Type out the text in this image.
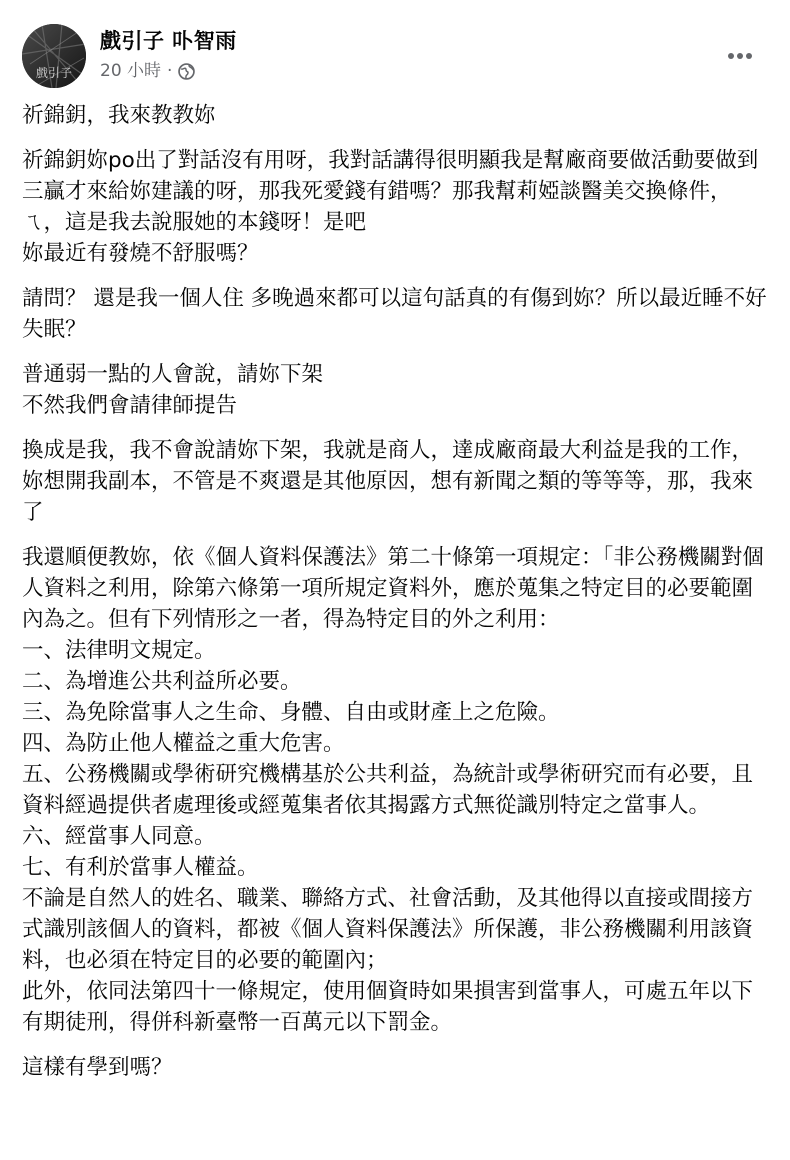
戲引子
戲引子 卟智雨
20 小時 ·
祈錦鈅，我來教教妳
祈錦鈅妳po出了對話沒有用呀，我對話講得很明顯我是幫廠商要做活動要做到三贏才來給妳建議的呀，那我死愛錢有錯嗎？那我幫莉婭談醫美交換條件，ㄟ，這是我去說服她的本錢呀！是吧
妳最近有發燒不舒服嗎？
請問？ 還是我一個人住 多晚過來都可以這句話真的有傷到妳？所以最近睡不好失眠？
普通弱一點的人會說，請妳下架
不然我們會請律師提告
換成是我，我不會說請妳下架，我就是商人，達成廠商最大利益是我的工作，妳想開我副本，不管是不爽還是其他原因，想有新聞之類的等等等，那，我來了
我還順便教妳，依《個人資料保護法》第二十條第一項規定：「非公務機關對個人資料之利用，除第六條第一項所規定資料外，應於蒐集之特定目的必要範圍內為之。但有下列情形之一者，得為特定目的外之利用：
一、法律明文規定。
二、為增進公共利益所必要。
三、為免除當事人之生命、身體、自由或財產上之危險。
四、為防止他人權益之重大危害。
五、公務機關或學術研究機構基於公共利益，為統計或學術研究而有必要，且資料經過提供者處理後或經蒐集者依其揭露方式無從識別特定之當事人。
六、經當事人同意。
七、有利於當事人權益。
不論是自然人的姓名、職業、聯絡方式、社會活動，及其他得以直接或間接方式識別該個人的資料，都被《個人資料保護法》所保護，非公務機關利用該資料，也必須在特定目的必要的範圍內；
此外，依同法第四十一條規定，使用個資時如果損害到當事人，可處五年以下有期徒刑，得併科新臺幣一百萬元以下罰金。
這樣有學到嗎？
